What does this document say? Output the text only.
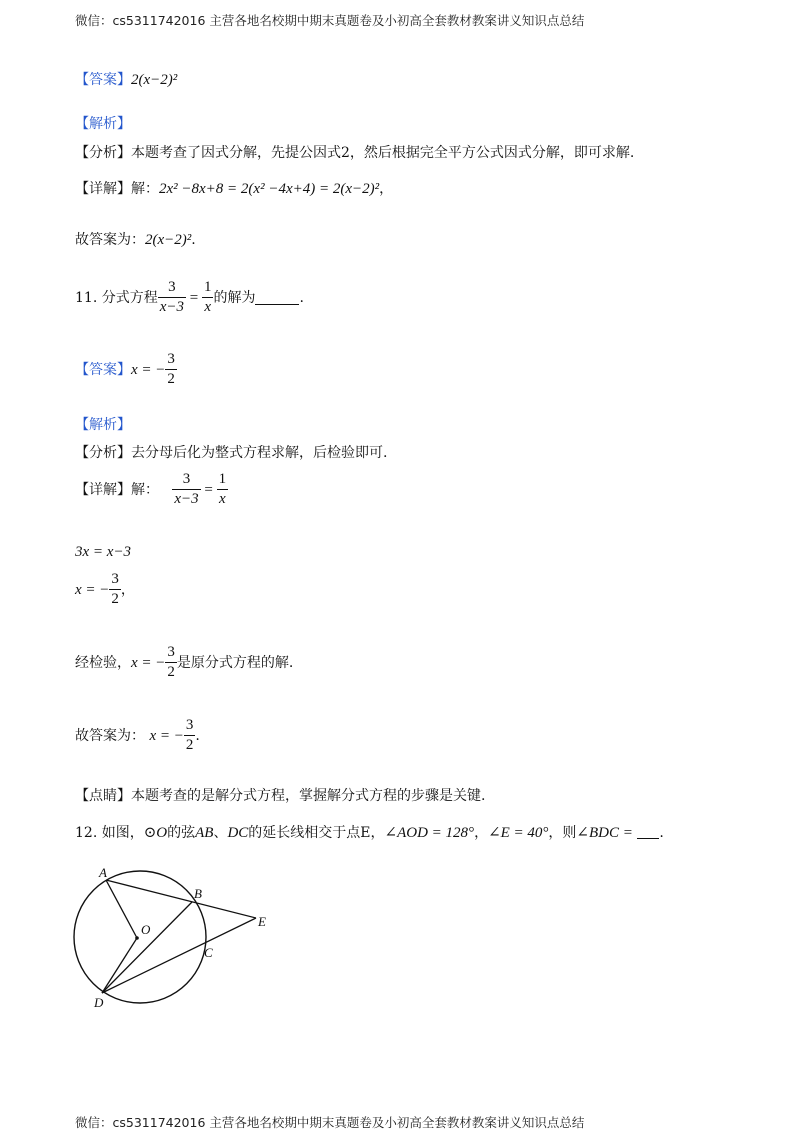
微信：cs5311742016 主营各地名校期中期末真题卷及小初高全套教材教案讲义知识点总结
【答案】 2(x−2)²
【解析】
【分析】本题考查了因式分解，先提公因式2，然后根据完全平方公式因式分解，即可求解.
【详解】 解： 2x² −8x+8 = 2(x² −4x+4) = 2(x−2)² ，
故答案为： 2(x−2)² .
11.
分式方程 $\frac{3}{x-3} = \frac{1}{x}$ 的解为	.
【答案】 x = − $\frac{3}{2}$
【解析】
【分析】去分母后化为整式方程求解，后检验即可.
【详解】 解：
$\frac{3}{x-3} = \frac{1}{x}$
3x = x−3
x = − $\frac{3}{2}$ ，
经检验， x = − $\frac{3}{2}$ 是原分式方程的解.
故答案为：
x = − $\frac{3}{2}$ .
【点睛】本题考查的是解分式方程，掌握解分式方程的步骤是关键.
12. 如图，⊙O的弦AB、DC的延长线相交于点E，∠AOD = 128°，∠E = 40°，则∠BDC = .
A
B
C
D
E
O
微信：cs5311742016 主营各地名校期中期末真题卷及小初高全套教材教案讲义知识点总结
